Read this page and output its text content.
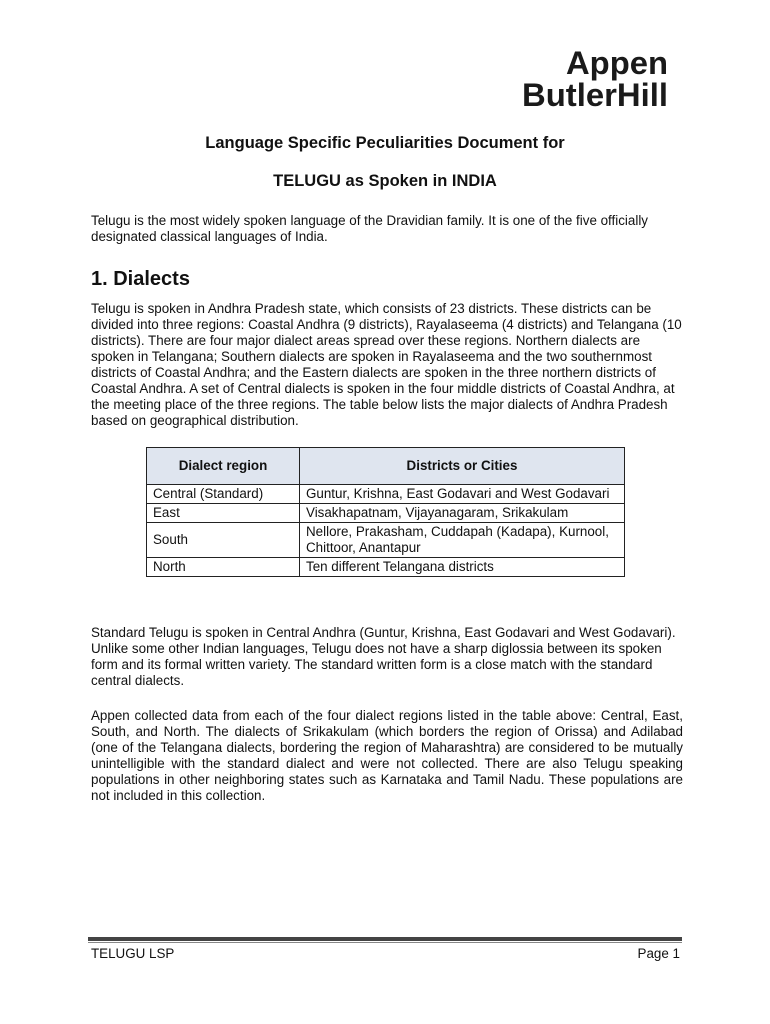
Appen
ButlerHill
Language Specific Peculiarities Document for
TELUGU as Spoken in INDIA

Telugu is the most widely spoken language of the Dravidian family. It is one of the five officially designated classical languages of India.

1. Dialects

Telugu is spoken in Andhra Pradesh state, which consists of 23 districts. These districts can be divided into three regions: Coastal Andhra (9 districts), Rayalaseema (4 districts) and Telangana (10 districts). There are four major dialect areas spread over these regions. Northern dialects are spoken in Telangana; Southern dialects are spoken in Rayalaseema and the two southernmost districts of Coastal Andhra; and the Eastern dialects are spoken in the three northern districts of Coastal Andhra. A set of Central dialects is spoken in the four middle districts of Coastal Andhra, at the meeting place of the three regions. The table below lists the major dialects of Andhra Pradesh based on geographical distribution.

Dialect region	Districts or Cities
Central (Standard)	Guntur, Krishna, East Godavari and West Godavari
East	Visakhapatnam, Vijayanagaram, Srikakulam
South	Nellore, Prakasham, Cuddapah (Kadapa), Kurnool, Chittoor, Anantapur
North	Ten different Telangana districts

Standard Telugu is spoken in Central Andhra (Guntur, Krishna, East Godavari and West Godavari). Unlike some other Indian languages, Telugu does not have a sharp diglossia between its spoken form and its formal written variety. The standard written form is a close match with the standard central dialects.

Appen collected data from each of the four dialect regions listed in the table above: Central, East, South, and North. The dialects of Srikakulam (which borders the region of Orissa) and Adilabad (one of the Telangana dialects, bordering the region of Maharashtra) are considered to be mutually unintelligible with the standard dialect and were not collected. There are also Telugu speaking populations in other neighboring states such as Karnataka and Tamil Nadu. These populations are not included in this collection.

TELUGU LSP	Page 1
